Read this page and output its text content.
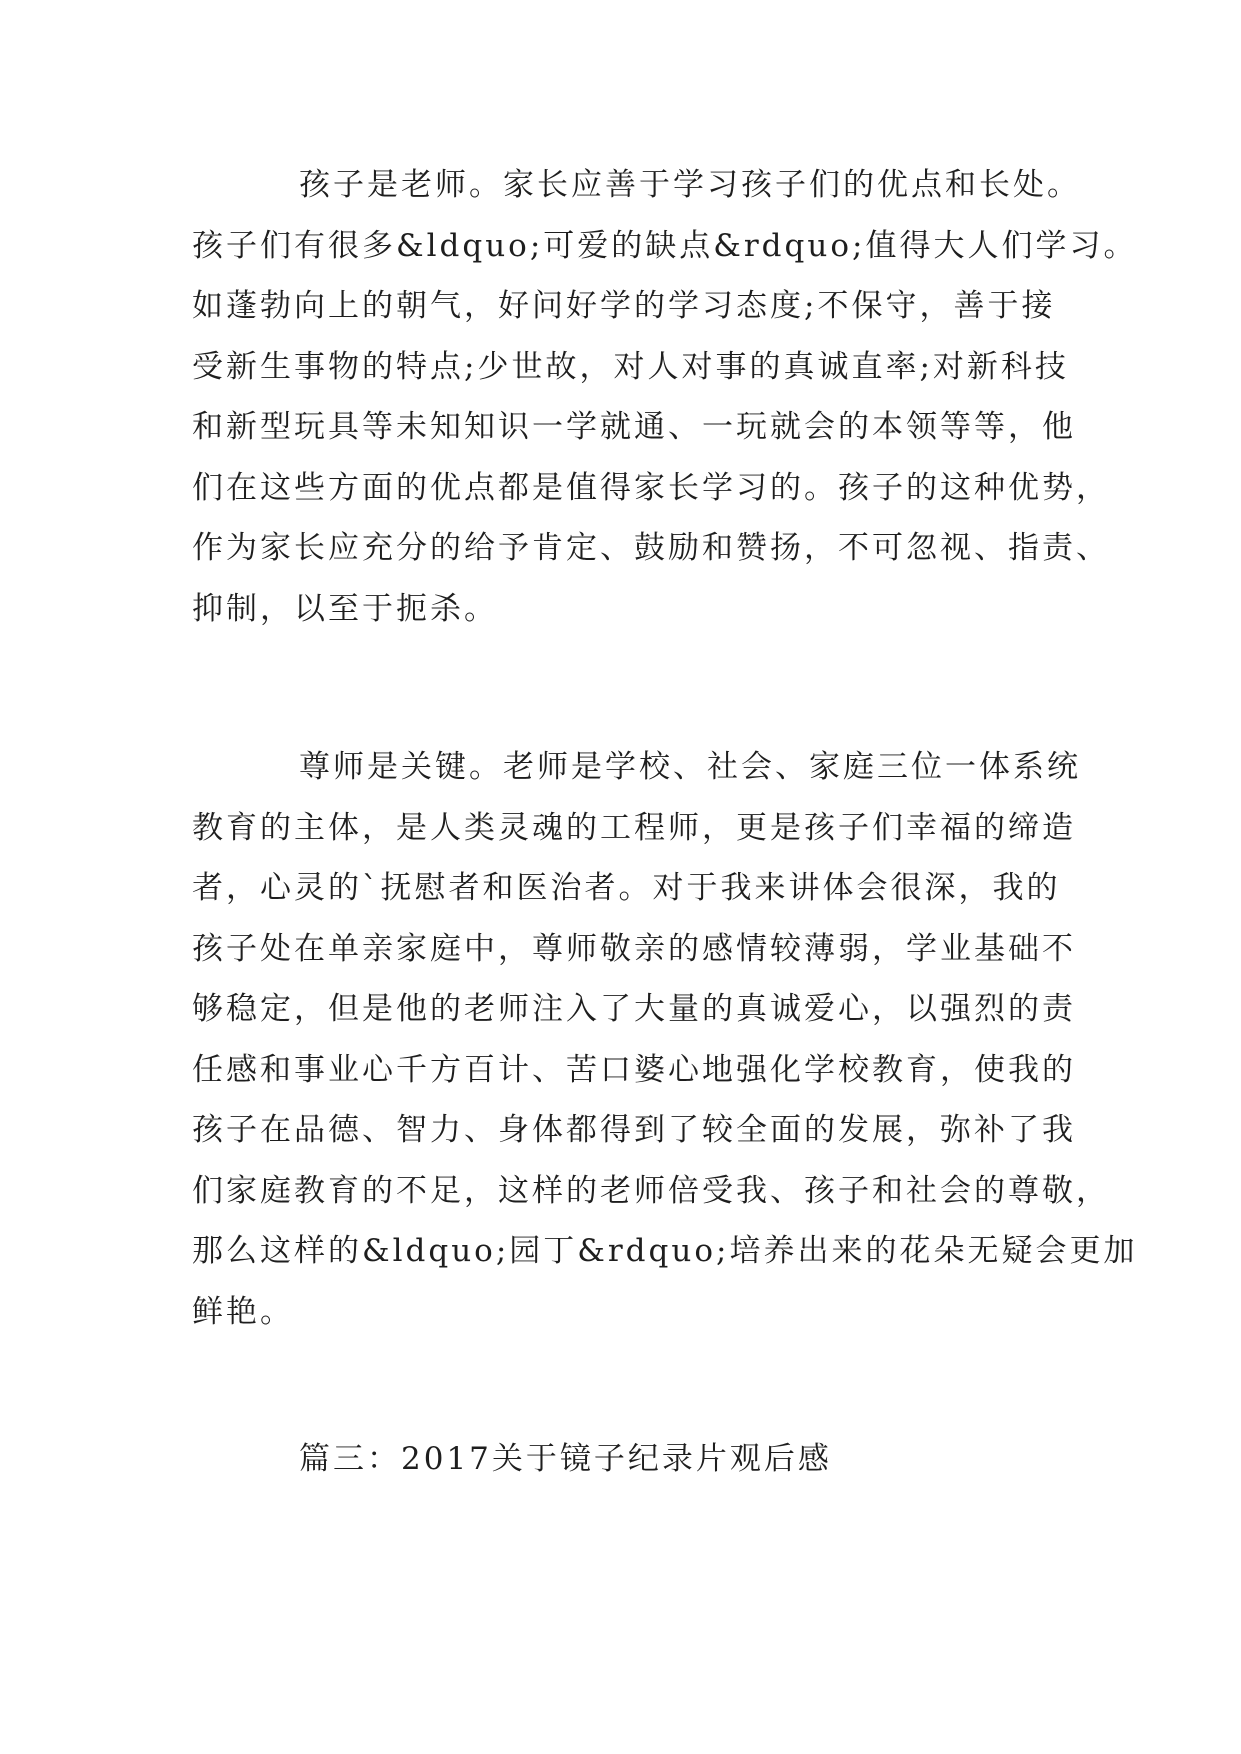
孩子是老师。家长应善于学习孩子们的优点和长处。
孩子们有很多&ldquo;可爱的缺点&rdquo;值得大人们学习。
如蓬勃向上的朝气，好问好学的学习态度;不保守，善于接
受新生事物的特点;少世故，对人对事的真诚直率;对新科技
和新型玩具等未知知识一学就通、一玩就会的本领等等，他
们在这些方面的优点都是值得家长学习的。孩子的这种优势，
作为家长应充分的给予肯定、鼓励和赞扬，不可忽视、指责、
抑制，以至于扼杀。

尊师是关键。老师是学校、社会、家庭三位一体系统
教育的主体，是人类灵魂的工程师，更是孩子们幸福的缔造
者，心灵的`抚慰者和医治者。对于我来讲体会很深，我的
孩子处在单亲家庭中，尊师敬亲的感情较薄弱，学业基础不
够稳定，但是他的老师注入了大量的真诚爱心，以强烈的责
任感和事业心千方百计、苦口婆心地强化学校教育，使我的
孩子在品德、智力、身体都得到了较全面的发展，弥补了我
们家庭教育的不足，这样的老师倍受我、孩子和社会的尊敬，
那么这样的&ldquo;园丁&rdquo;培养出来的花朵无疑会更加
鲜艳。

篇三：2017关于镜子纪录片观后感
